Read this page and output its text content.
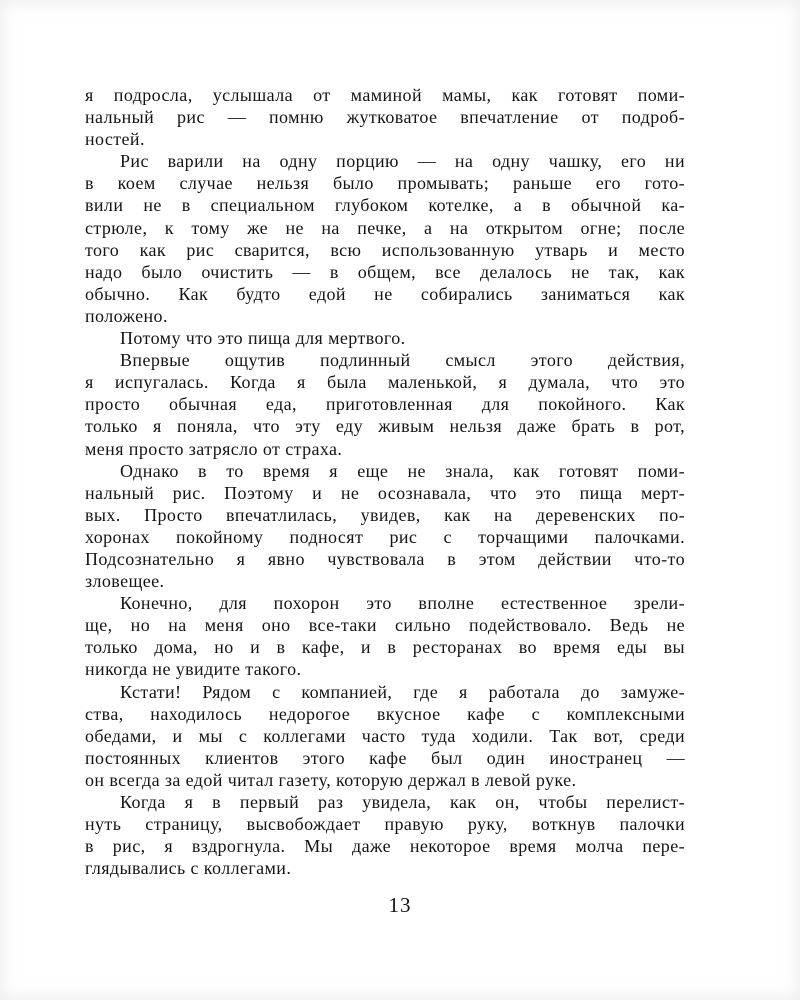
я подросла, услышала от маминой мамы, как готовят поми-
нальный рис — помню жутковатое впечатление от подроб-
ностей.
Рис варили на одну порцию — на одну чашку, его ни
в коем случае нельзя было промывать; раньше его гото-
вили не в специальном глубоком котелке, а в обычной ка-
стрюле, к тому же не на печке, а на открытом огне; после
того как рис сварится, всю использованную утварь и место
надо было очистить — в общем, все делалось не так, как
обычно. Как будто едой не собирались заниматься как
положено.
Потому что это пища для мертвого.
Впервые ощутив подлинный смысл этого действия,
я испугалась. Когда я была маленькой, я думала, что это
просто обычная еда, приготовленная для покойного. Как
только я поняла, что эту еду живым нельзя даже брать в рот,
меня просто затрясло от страха.
Однако в то время я еще не знала, как готовят поми-
нальный рис. Поэтому и не осознавала, что это пища мерт-
вых. Просто впечатлилась, увидев, как на деревенских по-
хоронах покойному подносят рис с торчащими палочками.
Подсознательно я явно чувствовала в этом действии что-то
зловещее.
Конечно, для похорон это вполне естественное зрели-
ще, но на меня оно все-таки сильно подействовало. Ведь не
только дома, но и в кафе, и в ресторанах во время еды вы
никогда не увидите такого.
Кстати! Рядом с компанией, где я работала до замуже-
ства, находилось недорогое вкусное кафе с комплексными
обедами, и мы с коллегами часто туда ходили. Так вот, среди
постоянных клиентов этого кафе был один иностранец —
он всегда за едой читал газету, которую держал в левой руке.
Когда я в первый раз увидела, как он, чтобы перелист-
нуть страницу, высвобождает правую руку, воткнув палочки
в рис, я вздрогнула. Мы даже некоторое время молча пере-
глядывались с коллегами.
13
